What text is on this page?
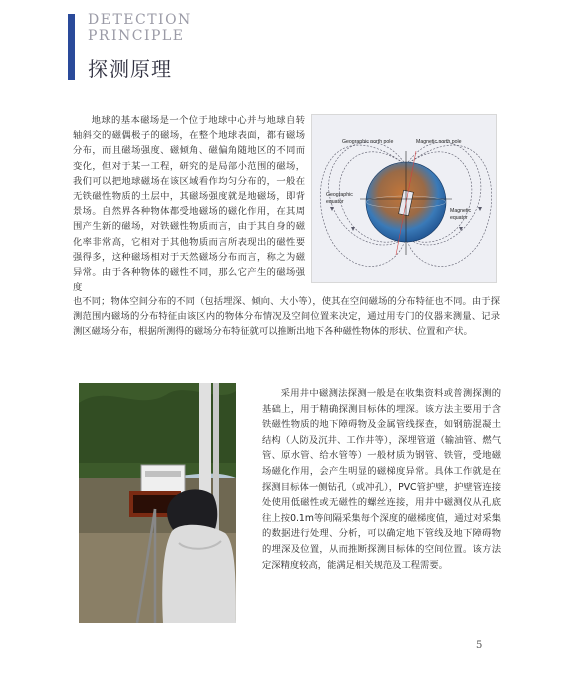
DETECTION
PRINCIPLE
探测原理

地球的基本磁场是一个位于地球中心并与地球自转轴斜交的磁偶极子的磁场，在整个地球表面，都有磁场分布，而且磁场强度、磁倾角、磁偏角随地区的不同而变化，但对于某一工程，研究的是局部小范围的磁场，我们可以把地球磁场在该区域看作均匀分布的，一般在无铁磁性物质的土层中，其磁场强度就是地磁场，即背景场。自然界各种物体都受地磁场的磁化作用，在其周围产生新的磁场，对铁磁性物质而言，由于其自身的磁化率非常高，它相对于其他物质而言所表现出的磁性要强得多，这种磁场相对于天然磁场分布而言，称之为磁异常。由于各种物体的磁性不同，那么它产生的磁场强度

Geographic north pole	Magnetic north pole
Geographic
equator
Magnetic
equator

也不同；物体空间分布的不同（包括埋深、倾向、大小等），使其在空间磁场的分布特征也不同。由于探测范围内磁场的分布特征由该区内的物体分布情况及空间位置来决定，通过用专门的仪器来测量、记录测区磁场分布，根据所测得的磁场分布特征就可以推断出地下各种磁性物体的形状、位置和产状。

采用井中磁测法探测一般是在收集资料或普测探测的基础上，用于精确探测目标体的埋深。该方法主要用于含铁磁性物质的地下障碍物及金属管线探查，如钢筋混凝土结构（人防及沉井、工作井等），深埋管道（输油管、燃气管、原水管、给水管等）一般材质为钢管、铁管，受地磁场磁化作用，会产生明显的磁梯度异常。具体工作就是在探测目标体一侧钻孔（或冲孔），PVC管护壁，护壁管连接处使用低磁性或无磁性的螺丝连接，用井中磁测仪从孔底往上按0.1m等间隔采集每个深度的磁梯度值，通过对采集的数据进行处理、分析，可以确定地下管线及地下障碍物的埋深及位置，从而推断探测目标体的空间位置。该方法定深精度较高，能满足相关规范及工程需要。

5
